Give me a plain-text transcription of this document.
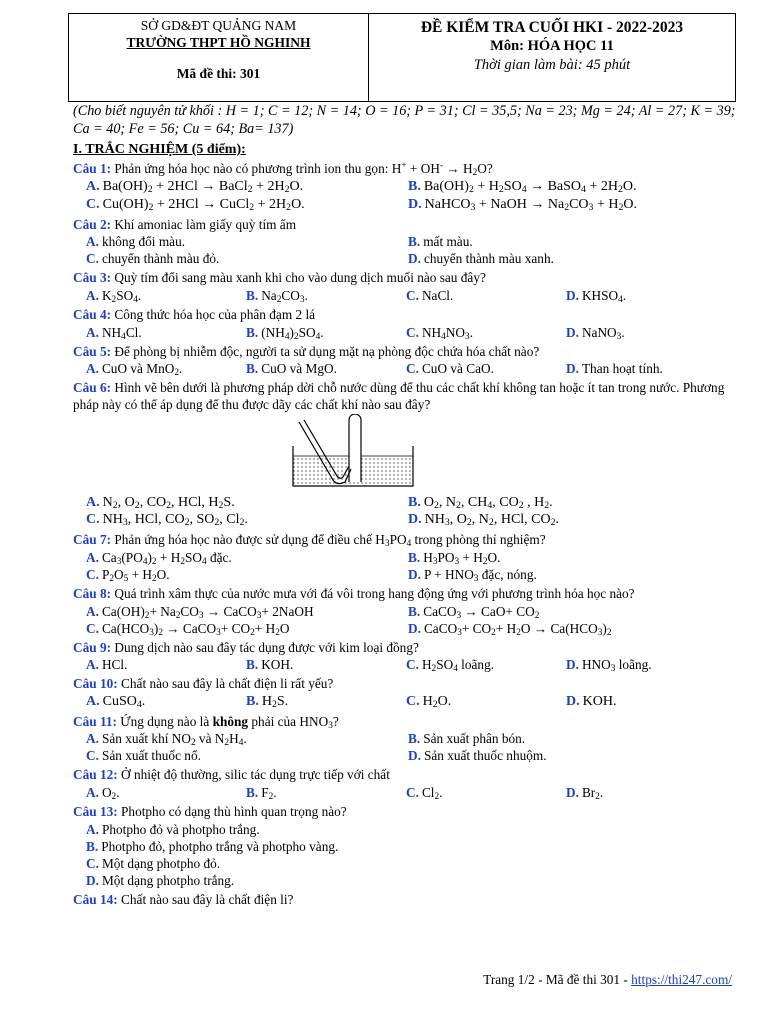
SỞ GD&ĐT QUẢNG NAM
TRƯỜNG THPT HỒ NGHINH
Mã đề thi: 301
ĐỀ KIỂM TRA CUỐI HKI - 2022-2023
Môn: HÓA HỌC 11
Thời gian làm bài: 45 phút
(Cho biết nguyên tử khối : H = 1; C = 12; N = 14; O = 16; P = 31; Cl = 35,5; Na = 23; Mg = 24; Al = 27; K = 39; Ca = 40; Fe = 56; Cu = 64; Ba= 137)
I. TRẮC NGHIỆM (5 điểm):
Câu 1: Phản ứng hóa học nào có phương trình ion thu gọn: $H^+ + OH^- \to H_2O$?
A. $Ba(OH)_2 + 2HCl$ → BaCl$_2$ + $2H_2O$.	B. $Ba(OH)_2 + H_2SO_4$ → BaSO$_4$ + $2H_2O$.
C. $Cu(OH)_2 + 2HCl$ → CuCl$_2$ + $2H_2O$.	D. NaHCO$_3$ + NaOH → $Na_2CO_3 + H_2O$.
Câu 2: Khí amoniac làm giấy quỳ tím ẩm
A. không đổi màu.	B. mất màu.
C. chuyển thành màu đỏ.	D. chuyển thành màu xanh.
Câu 3: Quỳ tím đổi sang màu xanh khi cho vào dung dịch muối nào sau đây?
A. $K_2SO_4$.	B. $Na_2CO_3$.	C. NaCl.	D. $KHSO_4$.
Câu 4: Công thức hóa học của phân đạm 2 lá
A. $NH_4Cl$.	B. $(NH_4)_2SO_4$.	C. $NH_4NO_3$.	D. NaNO$_3$.
Câu 5: Để phòng bị nhiễm độc, người ta sử dụng mặt nạ phòng độc chứa hóa chất nào?
A. CuO và MnO$_2$.	B. CuO và MgO.	C. CuO và CaO.	D. Than hoạt tính.
Câu 6: Hình vẽ bên dưới là phương pháp dời chỗ nước dùng để thu các chất khí không tan hoặc ít tan trong nước. Phương pháp này có thể áp dụng để thu được dãy các chất khí nào sau đây?
A. $N_2$, $O_2$, $CO_2$, HCl, $H_2S$.	B. $O_2$, $N_2$, $CH_4$, $CO_2$ , $H_2$.
C. $NH_3$, HCl, $CO_2$, $SO_2$, $Cl_2$.	D. $NH_3$, $O_2$, $N_2$, HCl, $CO_2$.
Câu 7: Phản ứng hóa học nào được sử dụng để điều chế $H_3PO_4$ trong phòng thí nghiệm?
A. $Ca_3(PO_4)_2 + H_2SO_4$ đặc.	B. $H_3PO_3 + H_2O$.
C. $P_2O_5 + H_2O$.	D. $P + HNO_3$ đặc, nóng.
Câu 8: Quá trình xâm thực của nước mưa với đá vôi trong hang động ứng với phương trình hóa học nào?
A. $Ca(OH)_2+ Na_2CO_3$ → CaCO$_3$+ 2NaOH	B. CaCO$_3$ → $CaO+ CO_2$
C. $Ca(HCO_3)_2$ → CaCO$_3$+ $CO_2+ H_2O$	D. CaCO$_3$+ $CO_2+ H_2O \to Ca(HCO_3)_2$
Câu 9: Dung dịch nào sau đây tác dụng được với kim loại đồng?
A. HCl.	B. KOH.	C. $H_2SO_4$ loãng.	D. $HNO_3$ loãng.
Câu 10: Chất nào sau đây là chất điện li rất yếu?
A. CuSO$_4$.	B. $H_2S$.	C. $H_2O$.	D. KOH.
Câu 11: Ứng dụng nào là không phải của $HNO_3$?
A. Sản xuất khí $NO_2$ và $N_2H_4$.	B. Sản xuất phân bón.
C. Sản xuất thuốc nổ.	D. Sản xuất thuốc nhuộm.
Câu 12: Ở nhiệt độ thường, silic tác dụng trực tiếp với chất
A. $O_2$.	B. $F_2$.	C. $Cl_2$.	D. $Br_2$.
Câu 13: Photpho có dạng thù hình quan trọng nào?
A. Photpho đỏ và photpho trắng.
B. Photpho đỏ, photpho trắng và photpho vàng.
C. Một dạng photpho đỏ.
D. Một dạng photpho trắng.
Câu 14: Chất nào sau đây là chất điện li?
Trang 1/2 - Mã đề thi 301 - https://thi247.com/
